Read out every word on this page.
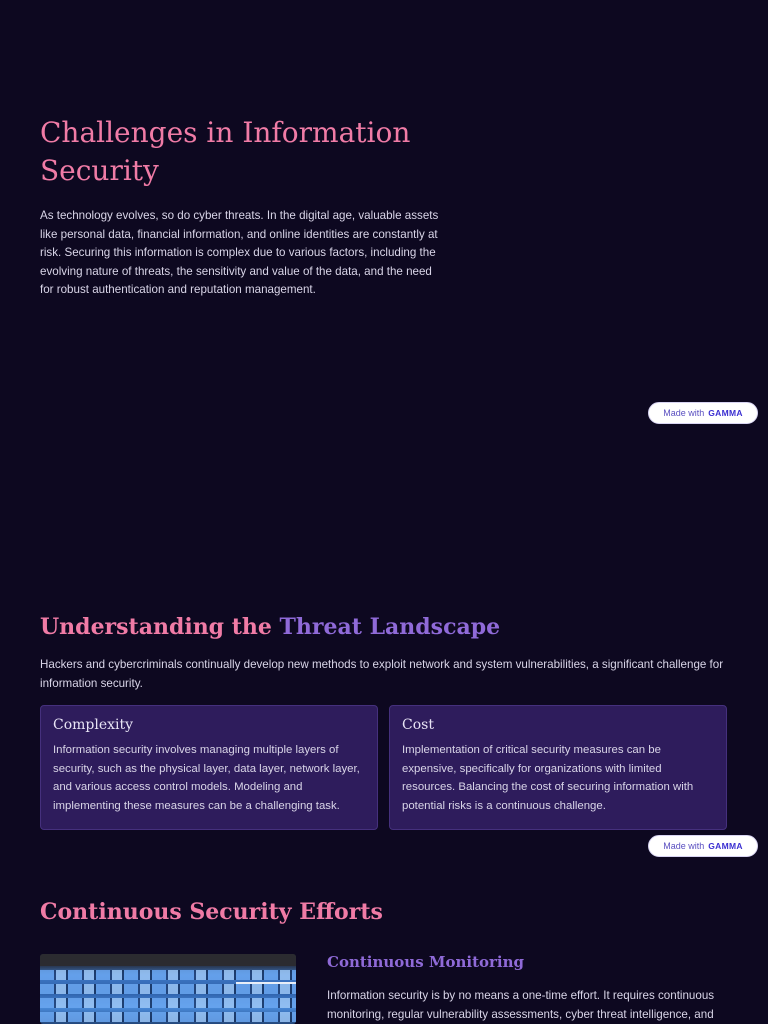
Challenges in Information Security

As technology evolves, so do cyber threats. In the digital age, valuable assets like personal data, financial information, and online identities are constantly at risk. Securing this information is complex due to various factors, including the evolving nature of threats, the sensitivity and value of the data, and the need for robust authentication and reputation management.

Made with GAMMA
Understanding the Threat Landscape

Hackers and cybercriminals continually develop new methods to exploit network and system vulnerabilities, a significant challenge for information security.

Complexity

Information security involves managing multiple layers of security, such as the physical layer, data layer, network layer, and various access control models. Modeling and implementing these measures can be a challenging task.

Cost

Implementation of critical security measures can be expensive, specifically for organizations with limited resources. Balancing the cost of securing information with potential risks is a continuous challenge.

Made with GAMMA
Continuous Security Efforts
Continuous Monitoring

Information security is by no means a one-time effort. It requires continuous monitoring, regular vulnerability assessments, cyber threat intelligence, and
